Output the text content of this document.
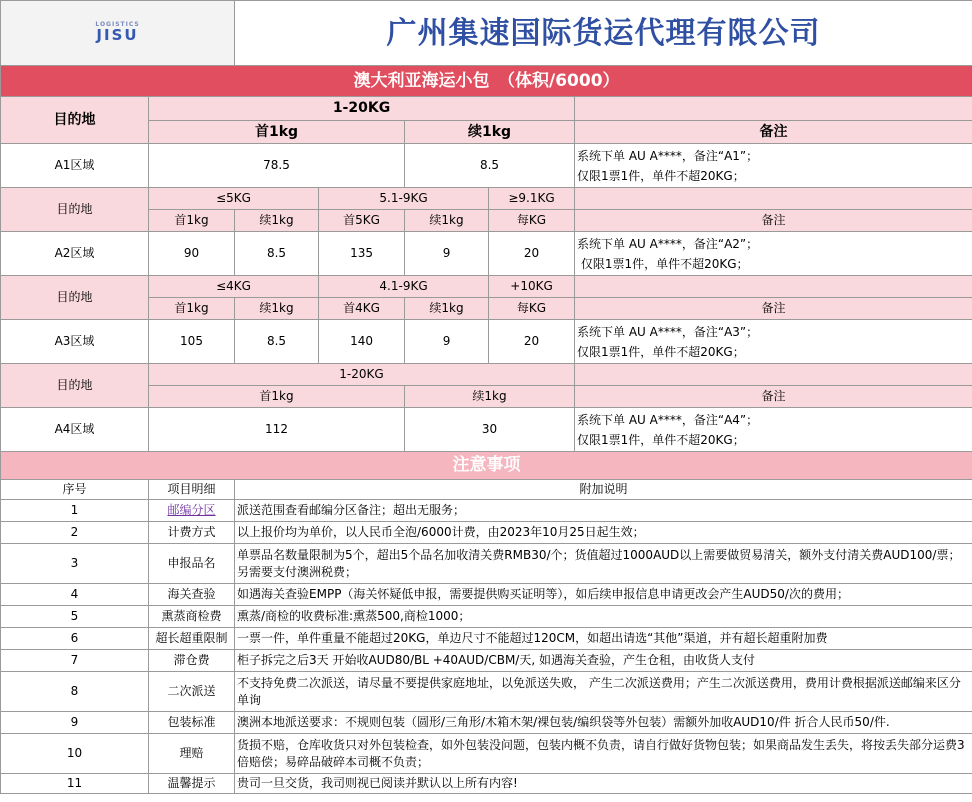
LOGISTICS
JISU		广州集速国际货运代理有限公司				
澳大利亚海运小包　（体积/6000）						
目的地	1-20KG					
	首1kg			续1kg		备注
A1区域	78.5			8.5		系统下单 AU A****，备注“A1”；
仅限1票1件，单件不超20KG；

目的地	≤5KG		5.1-9KG		≥9.1KG	
	首1kg	续1kg	首5KG	续1kg	每KG	备注
A2区域	90	8.5	135	9	20	系统下单 AU A****，备注“A2”；
仅限1票1件，单件不超20KG；

目的地	≤4KG		4.1-9KG		+10KG	
	首1kg	续1kg	首4KG	续1kg	每KG	备注
A3区域	105	8.5	140	9	20	系统下单 AU A****，备注“A3”；
仅限1票1件，单件不超20KG；

目的地	1-20KG					
	首1kg			续1kg		备注
A4区域	112			30		系统下单 AU A****，备注“A4”；
仅限1票1件，单件不超20KG；

注意事项						
序号	项目明细	附加说明				
1	邮编分区	派送范围查看邮编分区备注；超出无服务；				
2	计费方式	以上报价均为单价，以人民币全泡/6000计费，由2023年10月25日起生效；				
3	申报品名	单票品名数量限制为5个，超出5个品名加收清关费RMB30/个；货值超过1000AUD以上需要做贸易清关，额外支付清关费AUD100/票；另需要支付澳洲税费；				
4	海关查验	如遇海关查验EMPP（海关怀疑低申报，需要提供购买证明等），如后续申报信息申请更改会产生AUD50/次的费用；				
5	熏蒸商检费	熏蒸/商检的收费标准:熏蒸500,商检1000；				
6	超长超重限制	一票一件，单件重量不能超过20KG，单边尺寸不能超过120CM，如超出请选“其他”渠道，并有超长超重附加费				
7	滞仓费	柜子拆完之后3天 开始收AUD80/BL +40AUD/CBM/天, 如遇海关查验，产生仓租，由收货人支付				
8	二次派送	不支持免费二次派送，请尽量不要提供家庭地址，以免派送失败， 产生二次派送费用；产生二次派送费用，费用计费根据派送邮编来区分单询				
9	包装标准	澳洲本地派送要求：不规则包装（圆形/三角形/木箱木架/裸包装/编织袋等外包装）需额外加收AUD10/件 折合人民币50/件.				
10	理赔	货损不赔，仓库收货只对外包装检查，如外包装没问题，包装内概不负责，请自行做好货物包装；如果商品发生丢失，将按丢失部分运费3倍赔偿；易碎品破碎本司概不负责；				
11	温馨提示	贵司一旦交货，我司则视已阅读并默认以上所有内容!				
